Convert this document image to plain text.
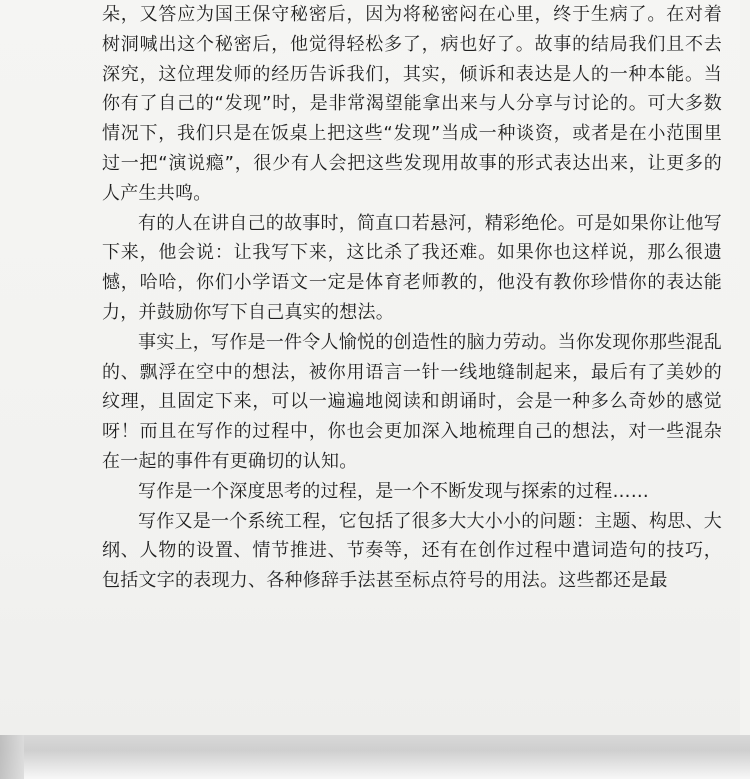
朵，又答应为国王保守秘密后，因为将秘密闷在心里，终于生病了。在对着树洞喊出这个秘密后，他觉得轻松多了，病也好了。故事的结局我们且不去深究，这位理发师的经历告诉我们，其实，倾诉和表达是人的一种本能。当你有了自己的“发现”时，是非常渴望能拿出来与人分享与讨论的。可大多数情况下，我们只是在饭桌上把这些“发现”当成一种谈资，或者是在小范围里过一把“演说瘾”，很少有人会把这些发现用故事的形式表达出来，让更多的人产生共鸣。

有的人在讲自己的故事时，简直口若悬河，精彩绝伦。可是如果你让他写下来，他会说：让我写下来，这比杀了我还难。如果你也这样说，那么很遗憾，哈哈，你们小学语文一定是体育老师教的，他没有教你珍惜你的表达能力，并鼓励你写下自己真实的想法。

事实上，写作是一件令人愉悦的创造性的脑力劳动。当你发现你那些混乱的、飘浮在空中的想法，被你用语言一针一线地缝制起来，最后有了美妙的纹理，且固定下来，可以一遍遍地阅读和朗诵时，会是一种多么奇妙的感觉呀！而且在写作的过程中，你也会更加深入地梳理自己的想法，对一些混杂在一起的事件有更确切的认知。

写作是一个深度思考的过程，是一个不断发现与探索的过程……

写作又是一个系统工程，它包括了很多大大小小的问题：主题、构思、大纲、人物的设置、情节推进、节奏等，还有在创作过程中遣词造句的技巧，包括文字的表现力、各种修辞手法甚至标点符号的用法。这些都还是最
